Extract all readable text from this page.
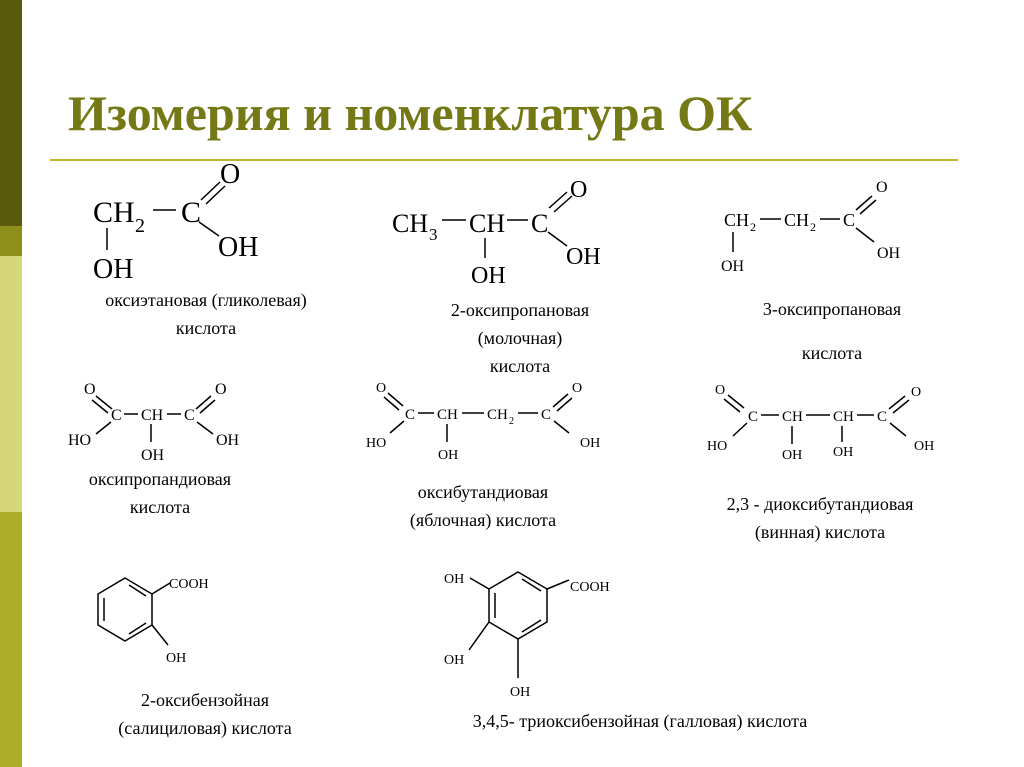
Изомерия и номенклатура ОК
CH 2 C
O
OH
OH
CH 3 CH C
O
OH
OH
CH 2 CH 2 C
O
OH
OH
O
C CH C
O
HO
OH
OH
O
C CH CH 2 C
O
HO
OH
OH
O
C CH CH C
O
HO
OH OH	OH
COOH
OH
OH
COOH
OH
OH
оксиэтановая (гликолевая)
кислота
2-оксипропановая
(молочная)
кислота
3-оксипропановая
кислота
оксипропандиовая
кислота
оксибутандиовая
(яблочная) кислота
2,3 - диоксибутандиовая
(винная) кислота
2-оксибензойная
(салициловая) кислота	3,4,5- триоксибензойная (галловая) кислота
